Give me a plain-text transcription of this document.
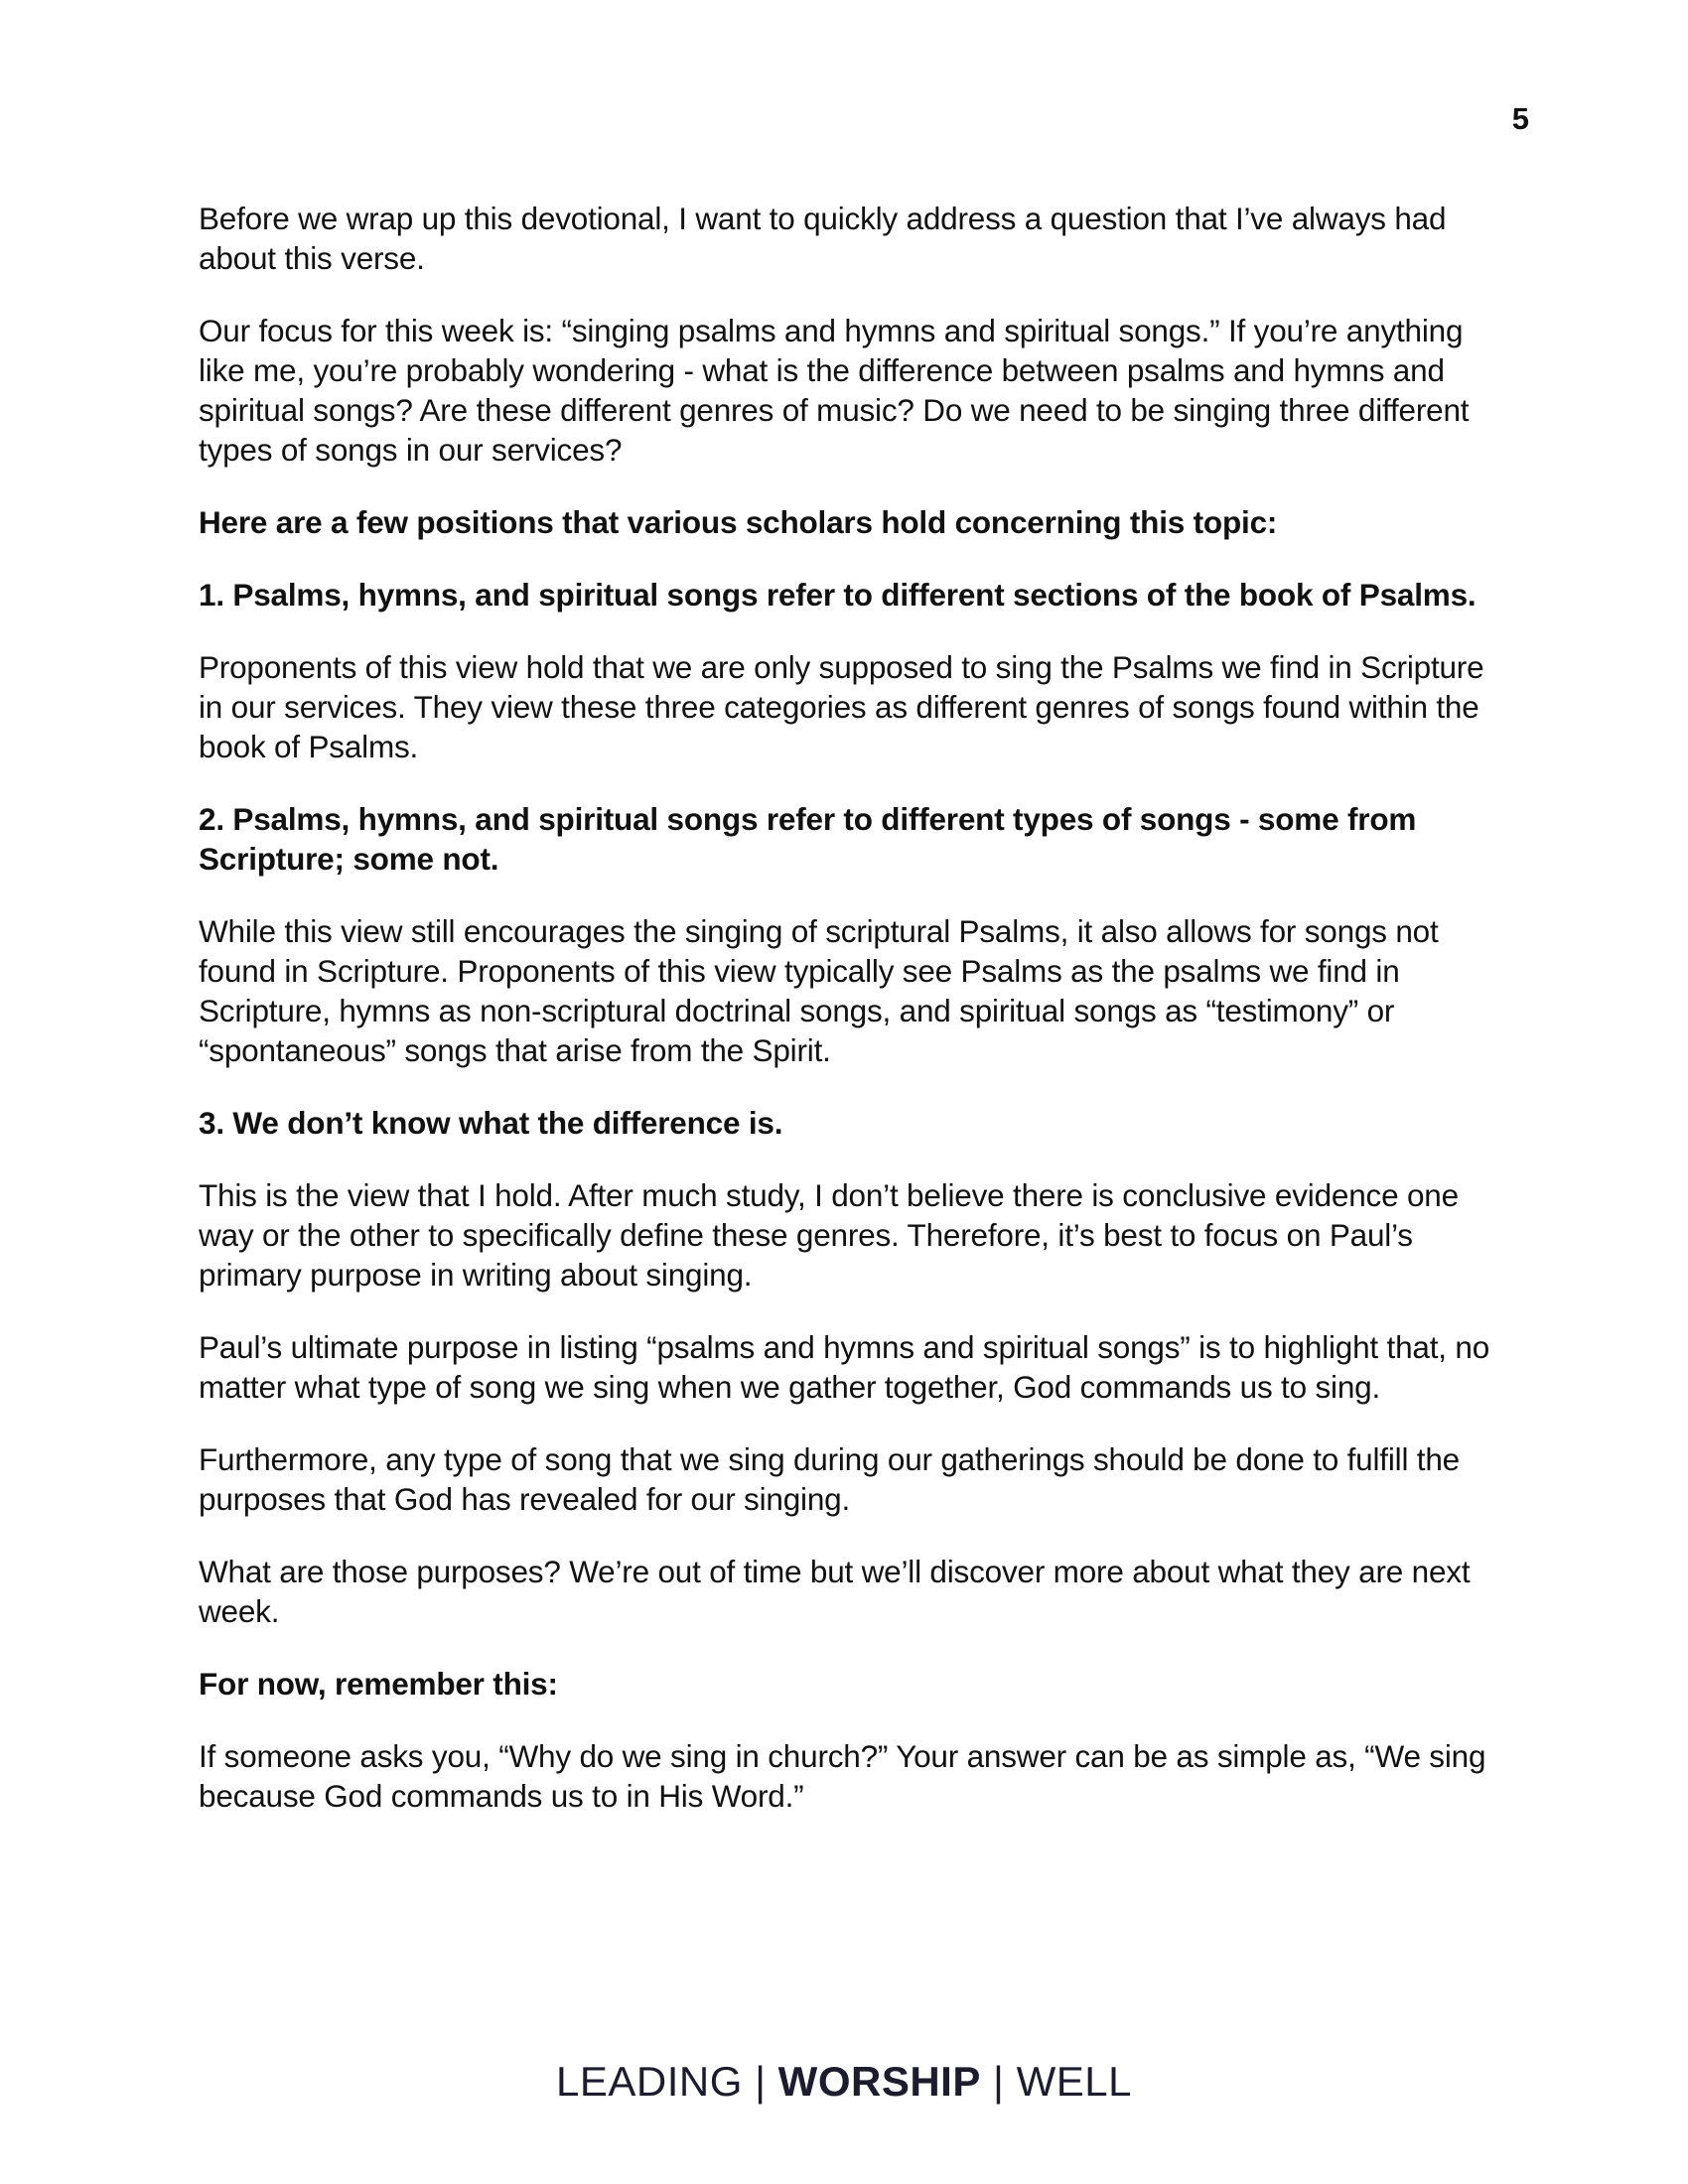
5

Before we wrap up this devotional, I want to quickly address a question that I’ve always had about this verse.

Our focus for this week is: “singing psalms and hymns and spiritual songs.” If you’re anything like me, you’re probably wondering - what is the difference between psalms and hymns and spiritual songs? Are these different genres of music? Do we need to be singing three different types of songs in our services?

Here are a few positions that various scholars hold concerning this topic:

1. Psalms, hymns, and spiritual songs refer to different sections of the book of Psalms.

Proponents of this view hold that we are only supposed to sing the Psalms we find in Scripture in our services. They view these three categories as different genres of songs found within the book of Psalms.

2. Psalms, hymns, and spiritual songs refer to different types of songs - some from Scripture; some not.

While this view still encourages the singing of scriptural Psalms, it also allows for songs not found in Scripture. Proponents of this view typically see Psalms as the psalms we find in Scripture, hymns as non-scriptural doctrinal songs, and spiritual songs as “testimony” or “spontaneous” songs that arise from the Spirit.

3. We don’t know what the difference is.

This is the view that I hold. After much study, I don’t believe there is conclusive evidence one way or the other to specifically define these genres. Therefore, it’s best to focus on Paul’s primary purpose in writing about singing.

Paul’s ultimate purpose in listing “psalms and hymns and spiritual songs” is to highlight that, no matter what type of song we sing when we gather together, God commands us to sing.

Furthermore, any type of song that we sing during our gatherings should be done to fulfill the purposes that God has revealed for our singing.

What are those purposes? We’re out of time but we’ll discover more about what they are next week.

For now, remember this:

If someone asks you, “Why do we sing in church?” Your answer can be as simple as, “We sing because God commands us to in His Word.”

LEADING | WORSHIP | WELL
